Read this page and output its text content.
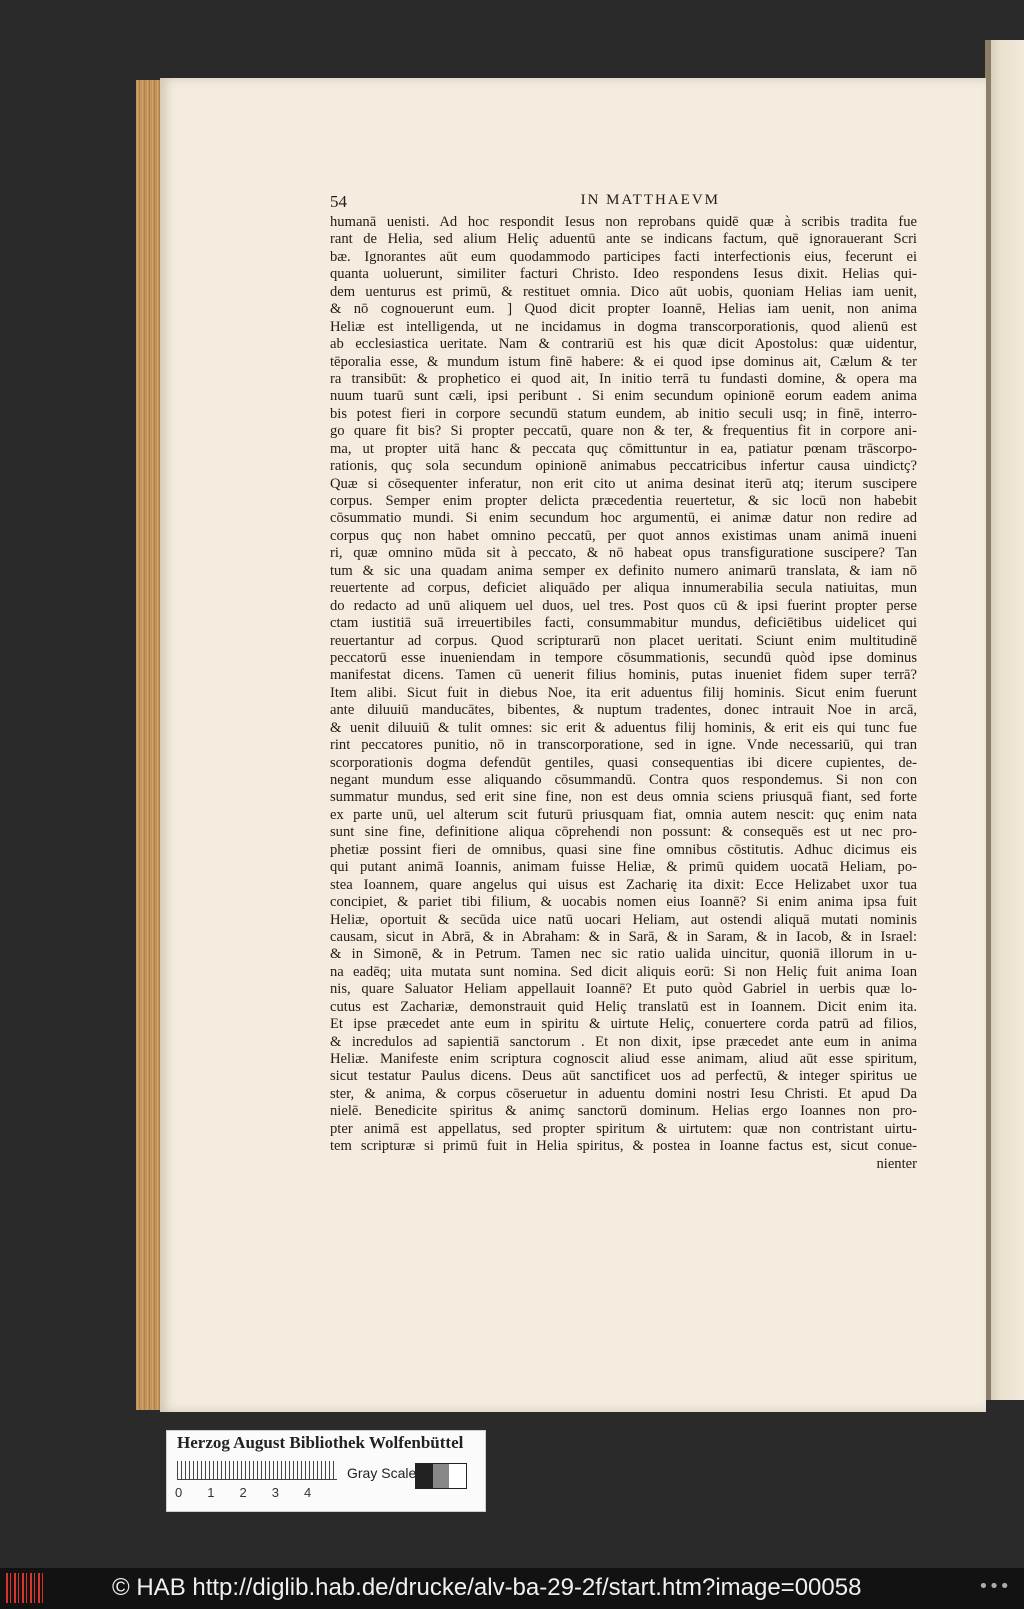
54	IN MATTHAEVM
humanā uenisti. Ad hoc respondit Iesus non reprobans quidē quæ à scribis tradita fue
rant de Helia, sed alium Heliç aduentū ante se indicans factum, quē ignorauerant Scri
bæ. Ignorantes aūt eum quodammodo participes facti interfectionis eius, fecerunt ei
quanta uoluerunt, similiter facturi Christo. Ideo respondens Iesus dixit. Helias qui-
dem uenturus est primū, & restituet omnia. Dico aūt uobis, quoniam Helias iam uenit,
& nō cognouerunt eum. ] Quod dicit propter Ioannē, Helias iam uenit, non anima
Heliæ est intelligenda, ut ne incidamus in dogma transcorporationis, quod alienū est
ab ecclesiastica ueritate. Nam & contrariū est his quæ dicit Apostolus: quæ uidentur,
tēporalia esse, & mundum istum finē habere: & ei quod ipse dominus ait, Cælum & ter
ra transibūt: & prophetico ei quod ait, In initio terrā tu fundasti domine, & opera ma
nuum tuarū sunt cæli, ipsi peribunt . Si enim secundum opinionē eorum eadem anima
bis potest fieri in corpore secundū statum eundem, ab initio seculi usq; in finē, interro-
go quare fit bis? Si propter peccatū, quare non & ter, & frequentius fit in corpore ani-
ma, ut propter uitā hanc & peccata quç cōmittuntur in ea, patiatur pœnam trāscorpo-
rationis, quç sola secundum opinionē animabus peccatricibus infertur causa uindictç?
Quæ si cōsequenter inferatur, non erit cito ut anima desinat iterū atq; iterum suscipere
corpus. Semper enim propter delicta præcedentia reuertetur, & sic locū non habebit
cōsummatio mundi. Si enim secundum hoc argumentū, ei animæ datur non redire ad
corpus quç non habet omnino peccatū, per quot annos existimas unam animā inueni
ri, quæ omnino mūda sit à peccato, & nō habeat opus transfiguratione suscipere? Tan
tum & sic una quadam anima semper ex definito numero animarū translata, & iam nō
reuertente ad corpus, deficiet aliquādo per aliqua innumerabilia secula natiuitas, mun
do redacto ad unū aliquem uel duos, uel tres. Post quos cū & ipsi fuerint propter perse
ctam iustitiā suā irreuertibiles facti, consummabitur mundus, deficiētibus uidelicet qui
reuertantur ad corpus. Quod scripturarū non placet ueritati. Sciunt enim multitudinē
peccatorū esse inueniendam in tempore cōsummationis, secundū quòd ipse dominus
manifestat dicens. Tamen cū uenerit filius hominis, putas inueniet fidem super terrā?
Item alibi. Sicut fuit in diebus Noe, ita erit aduentus filij hominis. Sicut enim fuerunt
ante diluuiū manducātes, bibentes, & nuptum tradentes, donec intrauit Noe in arcā,
& uenit diluuiū & tulit omnes: sic erit & aduentus filij hominis, & erit eis qui tunc fue
rint peccatores punitio, nō in transcorporatione, sed in igne. Vnde necessariū, qui tran
scorporationis dogma defendūt gentiles, quasi consequentias ibi dicere cupientes, de-
negant mundum esse aliquando cōsummandū. Contra quos respondemus. Si non con
summatur mundus, sed erit sine fine, non est deus omnia sciens priusquā fiant, sed forte
ex parte unū, uel alterum scit futurū priusquam fiat, omnia autem nescit: quç enim nata
sunt sine fine, definitione aliqua cōprehendi non possunt: & consequēs est ut nec pro-
phetiæ possint fieri de omnibus, quasi sine fine omnibus cōstitutis. Adhuc dicimus eis
qui putant animā Ioannis, animam fuisse Heliæ, & primū quidem uocatā Heliam, po-
stea Ioannem, quare angelus qui uisus est Zacharię ita dixit: Ecce Helizabet uxor tua
concipiet, & pariet tibi filium, & uocabis nomen eius Ioannē? Si enim anima ipsa fuit
Heliæ, oportuit & secūda uice natū uocari Heliam, aut ostendi aliquā mutati nominis
causam, sicut in Abrā, & in Abraham: & in Sarā, & in Saram, & in Iacob, & in Israel:
& in Simonē, & in Petrum. Tamen nec sic ratio ualida uincitur, quoniā illorum in u-
na eadēq; uita mutata sunt nomina. Sed dicit aliquis eorū: Si non Heliç fuit anima Ioan
nis, quare Saluator Heliam appellauit Ioannē? Et puto quòd Gabriel in uerbis quæ lo-
cutus est Zachariæ, demonstrauit quid Heliç translatū est in Ioannem. Dicit enim ita.
Et ipse præcedet ante eum in spiritu & uirtute Heliç, conuertere corda patrū ad filios,
& incredulos ad sapientiā sanctorum . Et non dixit, ipse præcedet ante eum in anima
Heliæ. Manifeste enim scriptura cognoscit aliud esse animam, aliud aūt esse spiritum,
sicut testatur Paulus dicens. Deus aūt sanctificet uos ad perfectū, & integer spiritus ue
ster, & anima, & corpus cōseruetur in aduentu domini nostri Iesu Christi. Et apud Da
nielē. Benedicite spiritus & animç sanctorū dominum. Helias ergo Ioannes non pro-
pter animā est appellatus, sed propter spiritum & uirtutem: quæ non contristant uirtu-
tem scripturæ si primū fuit in Helia spiritus, & postea in Ioanne factus est, sicut conue-
nienter
Herzog August Bibliothek Wolfenbüttel
0 1 2 3 4
Gray Scale
© HAB http://diglib.hab.de/drucke/alv-ba-29-2f/start.htm?image=00058	•••
